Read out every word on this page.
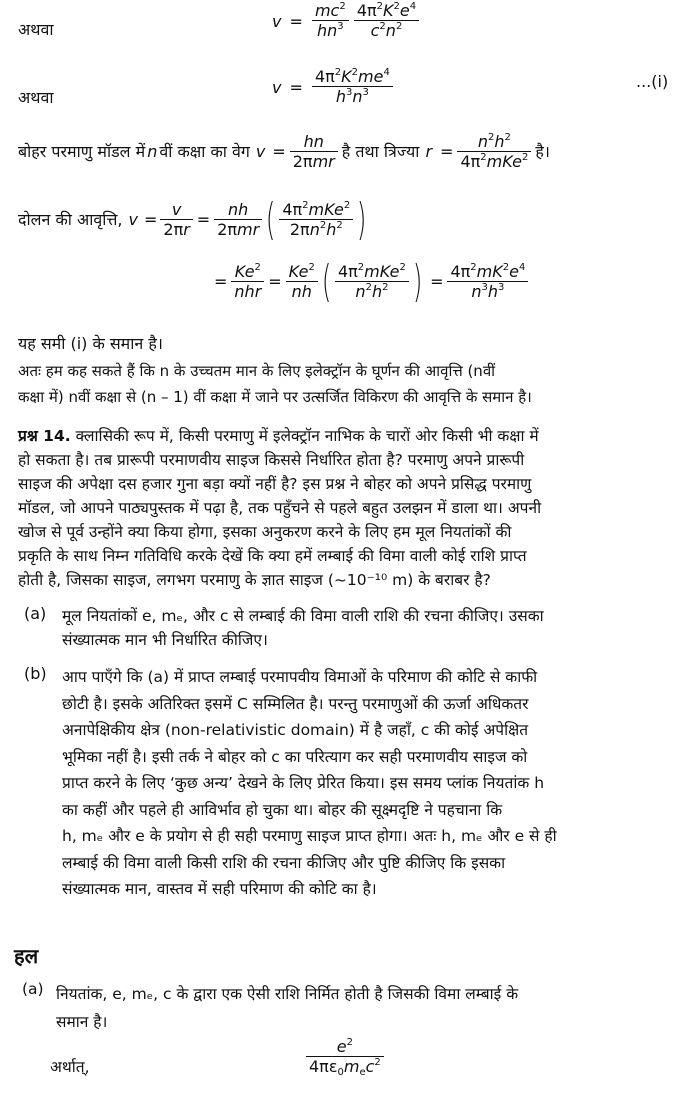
अथवा	$v = \frac{mc^2}{hn^3}$
$\frac{4\pi^2K^2e^4}{c^2n^2}$
अथवा
$v = \frac{4\pi^2K^2me^4}{h^3n^3}$	...(i)
बोहर परमाणु मॉडल में n वीं कक्षा का वेग $v = \frac{hn}{\text{2πmr}}$ है तथा त्रिज्या $r = \frac{n^2h^2}{4\pi^2mKe^2}$ है।
दोलन की आवृत्ति, $v = \frac{v}{2\pi r} = \frac{nh}{\text{2πmr}}$ ( $\frac{4\pi^2mKe^2}{2\pi n^2h^2}$ )
= $\frac{Ke^2}{\text{nhr}} = \frac{Ke^2}{nh}$ ( $\frac{4\pi^2mKe^2}{n^2h^2}$ ) = $\frac{4\pi^2mK^2e^4}{n^3h^3}$
यह समी (i) के समान है।
अतः हम कह सकते हैं कि n के उच्चतम मान के लिए इलेक्ट्रॉन के घूर्णन की आवृत्ति (nवीं
कक्षा में) nवीं कक्षा से (n – 1) वीं कक्षा में जाने पर उत्सर्जित विकिरण की आवृत्ति के समान है।
प्रश्न 14. क्लासिकी रूप में, किसी परमाणु में इलेक्ट्रॉन नाभिक के चारों ओर किसी भी कक्षा में
हो सकता है। तब प्रारूपी परमाणवीय साइज किससे निर्धारित होता है? परमाणु अपने प्रारूपी
साइज की अपेक्षा दस हजार गुना बड़ा क्यों नहीं है? इस प्रश्न ने बोहर को अपने प्रसिद्ध परमाणु
मॉडल, जो आपने पाठ्यपुस्तक में पढ़ा है, तक पहुँचने से पहले बहुत उलझन में डाला था। अपनी
खोज से पूर्व उन्होंने क्या किया होगा, इसका अनुकरण करने के लिए हम मूल नियतांकों की
प्रकृति के साथ निम्न गतिविधि करके देखें कि क्या हमें लम्बाई की विमा वाली कोई राशि प्राप्त
होती है, जिसका साइज, लगभग परमाणु के ज्ञात साइज (~10⁻¹⁰ m) के बराबर है?
(a) मूल नियतांकों e, mₑ, और c से लम्बाई की विमा वाली राशि की रचना कीजिए। उसका
संख्यात्मक मान भी निर्धारित कीजिए।
(b) आप पाएँगे कि (a) में प्राप्त लम्बाई परमापवीय विमाओं के परिमाण की कोटि से काफी
छोटी है। इसके अतिरिक्त इसमें C सम्मिलित है। परन्तु परमाणुओं की ऊर्जा अधिकतर
अनापेक्षिकीय क्षेत्र (non-relativistic domain) में है जहाँ, c की कोई अपेक्षित
भूमिका नहीं है। इसी तर्क ने बोहर को c का परित्याग कर सही परमाणवीय साइज को
प्राप्त करने के लिए ‘कुछ अन्य’ देखने के लिए प्रेरित किया। इस समय प्लांक नियतांक h
का कहीं और पहले ही आविर्भाव हो चुका था। बोहर की सूक्ष्मदृष्टि ने पहचाना कि
h, mₑ और e के प्रयोग से ही सही परमाणु साइज प्राप्त होगा। अतः h, mₑ और e से ही
लम्बाई की विमा वाली किसी राशि की रचना कीजिए और पुष्टि कीजिए कि इसका
संख्यात्मक मान, वास्तव में सही परिमाण की कोटि का है।
हल
(a) नियतांक, e, mₑ, c के द्वारा एक ऐसी राशि निर्मित होती है जिसकी विमा लम्बाई के
समान है।
अर्थात्,	$\frac{e^2}{4\pi\varepsilon_0m_ec^2}$
